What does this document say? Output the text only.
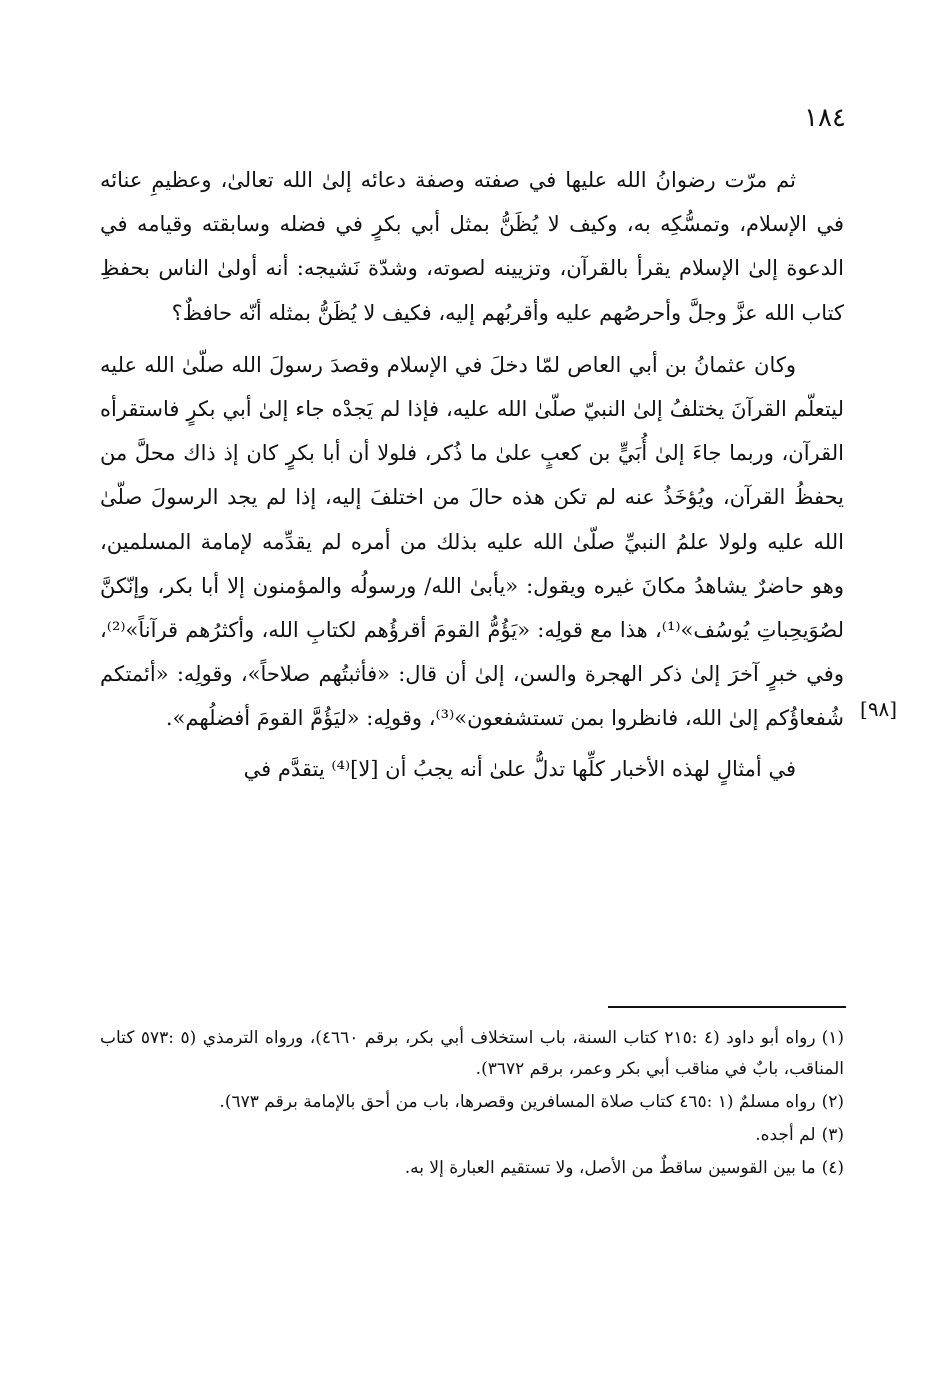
١٨٤

ثم مرّت رضوانُ الله عليها في صفته وصفة دعائه إلىٰ الله تعالىٰ، وعظيمِ عنائه في الإسلام، وتمسُّكِه به، وكيف لا يُظَنُّ بمثل أبي بكرٍ في فضله وسابقته وقيامه في الدعوة إلىٰ الإسلام يقرأ بالقرآن، وتزيينه لصوته، وشدّة نَشيجه: أنه أولىٰ الناس بحفظِ كتاب الله عزَّ وجلَّ وأحرصُهم عليه وأقربُهم إليه، فكيف لا يُظَنُّ بمثله أنّه حافظٌ؟

وكان عثمانُ بن أبي العاص لمّا دخلَ في الإسلام وقصدَ رسولَ الله صلّىٰ الله عليه ليتعلّم القرآنَ يختلفُ إلىٰ النبيّ صلّىٰ الله عليه، فإذا لم يَجدْه جاء إلىٰ أبي بكرٍ فاستقرأه القرآن، وربما جاءَ إلىٰ أُبَيٍّ بن كعبٍ علىٰ ما ذُكر، فلولا أن أبا بكرٍ كان إذ ذاك محلَّ من يحفظُ القرآن، ويُؤخَذُ عنه لم تكن هذه حالَ من اختلفَ إليه، إذا لم يجد الرسولَ صلّىٰ الله عليه ولولا علمُ النبيِّ صلّىٰ الله عليه بذلك من أمره لم يقدِّمه لإمامة المسلمين، وهو حاضرٌ يشاهدُ مكانَ غيره ويقول: «يأبىٰ الله/ ورسولُه والمؤمنون إلا أبا بكر، وإنّكنَّ لصُوَيحِباتِ يُوسُف»⁽¹⁾، هذا مع قولِه: «يَؤُمُّ القومَ أقرؤُهم لكتابِ الله، وأكثرُهم قرآناً»⁽²⁾، وفي خبرٍ آخرَ إلىٰ ذكر الهجرة والسن، إلىٰ أن قال: «فأثبتُهم صلاحاً»، وقولِه: «أئمتكم شُفعاؤُكم إلىٰ الله، فانظروا بمن تستشفعون»⁽³⁾، وقولِه: «ليَؤُمَّ القومَ أفضلُهم».

في أمثالٍ لهذه الأخبار كلِّها تدلُّ علىٰ أنه يجبُ أن [لا]⁽⁴⁾ يتقدَّم في

[٩٨]
(١)رواه أبو داود (٤ :٢١٥ كتاب السنة، باب استخلاف أبي بكر، برقم ٤٦٦٠)، ورواه الترمذي (٥ :٥٧٣ كتاب المناقب، بابٌ في مناقب أبي بكر وعمر، برقم ٣٦٧٢).
(٢)رواه مسلمٌ (١ :٤٦٥ كتاب صلاة المسافرين وقصرها، باب من أحق بالإمامة برقم ٦٧٣).
(٣)لم أجده.
(٤)ما بين القوسين ساقطٌ من الأصل، ولا تستقيم العبارة إلا به.
